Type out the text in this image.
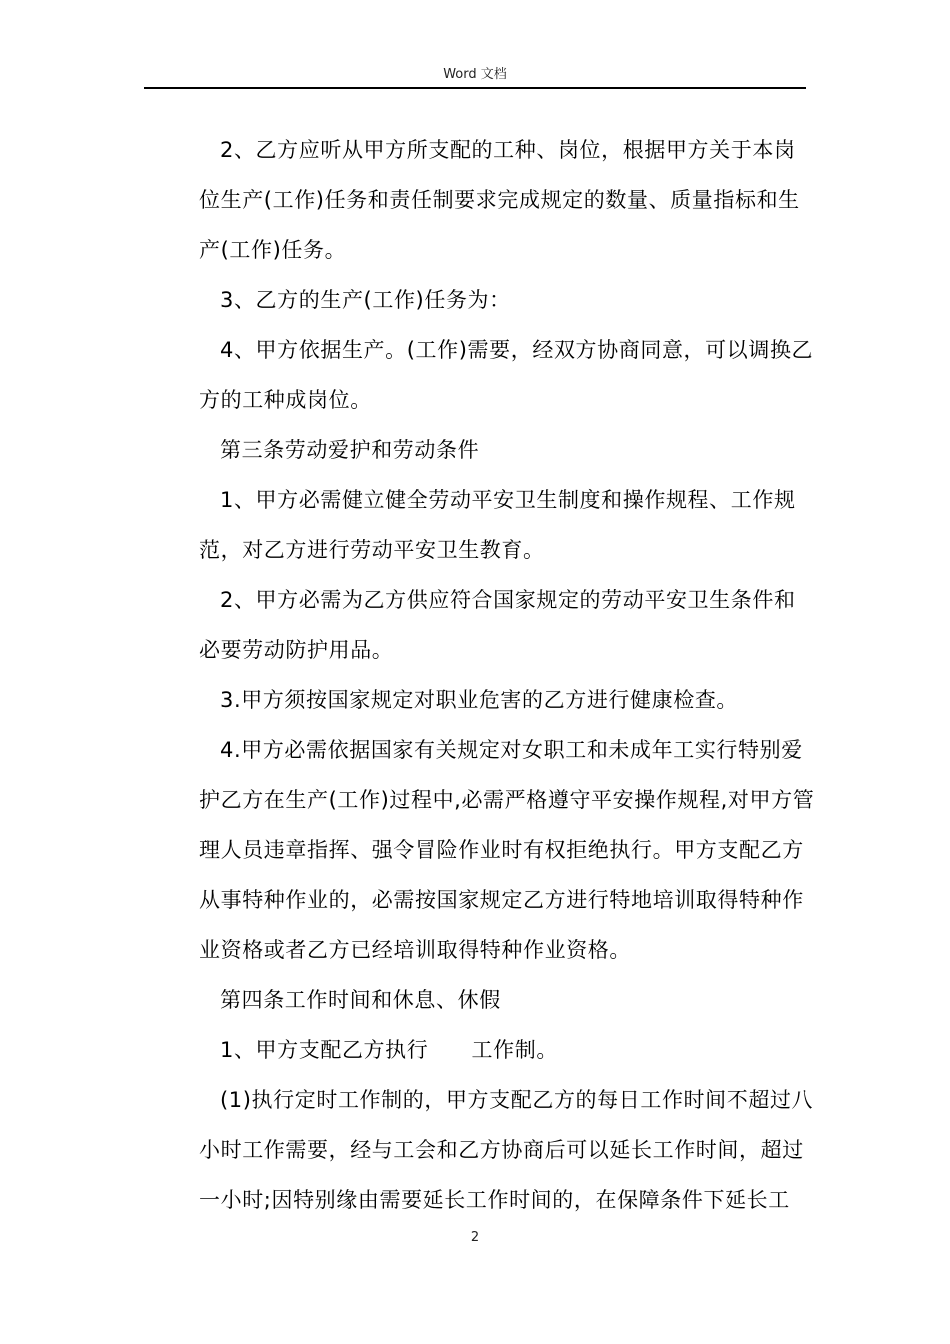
Word 文档

2、乙方应听从甲方所支配的工种、岗位，根据甲方关于本岗
位生产(工作)任务和责任制要求完成规定的数量、质量指标和生
产(工作)任务。

3、乙方的生产(工作)任务为：

4、甲方依据生产。(工作)需要，经双方协商同意，可以调换乙
方的工种成岗位。

第三条劳动爱护和劳动条件

1、甲方必需健立健全劳动平安卫生制度和操作规程、工作规
范，对乙方进行劳动平安卫生教育。

2、甲方必需为乙方供应符合国家规定的劳动平安卫生条件和
必要劳动防护用品。

3.甲方须按国家规定对职业危害的乙方进行健康检查。

4.甲方必需依据国家有关规定对女职工和未成年工实行特别爱
护乙方在生产(工作)过程中,必需严格遵守平安操作规程,对甲方管
理人员违章指挥、强令冒险作业时有权拒绝执行。甲方支配乙方
从事特种作业的，必需按国家规定乙方进行特地培训取得特种作
业资格或者乙方已经培训取得特种作业资格。

第四条工作时间和休息、休假

1、甲方支配乙方执行　　工作制。

(1)执行定时工作制的，甲方支配乙方的每日工作时间不超过八
小时工作需要，经与工会和乙方协商后可以延长工作时间，超过
一小时;因特别缘由需要延长工作时间的，在保障条件下延长工

2
